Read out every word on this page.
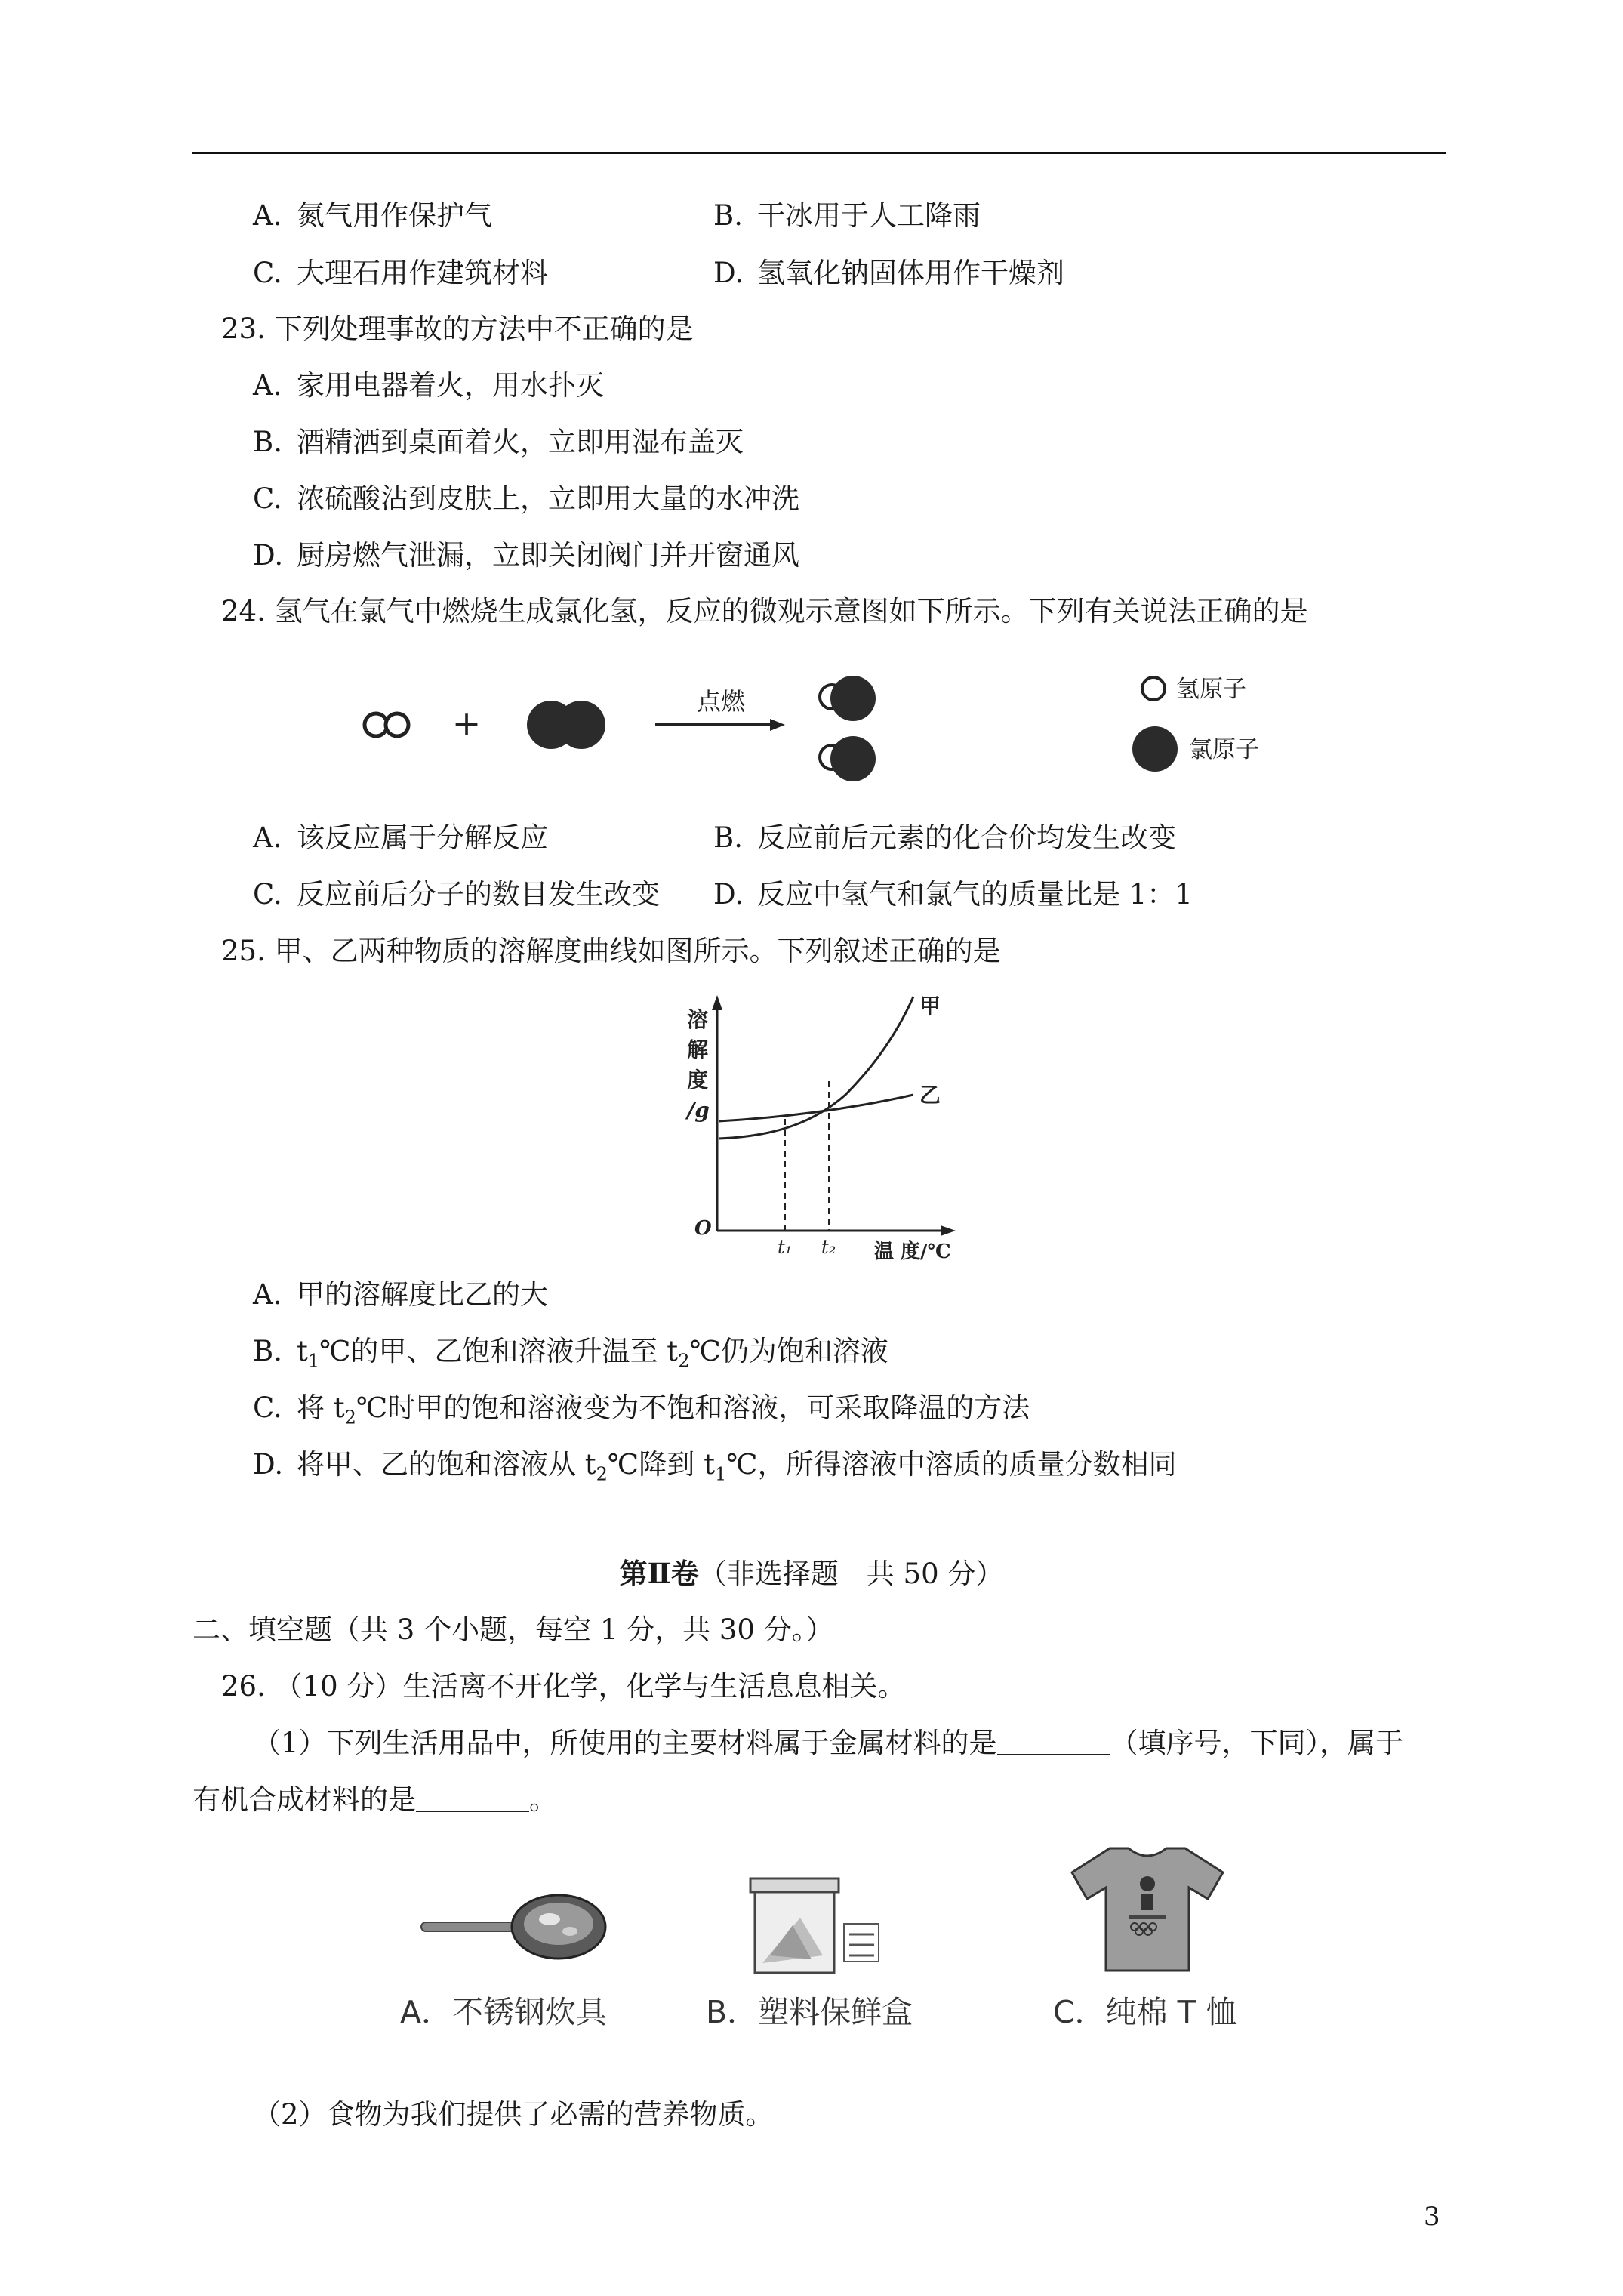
A. 氮气用作保护气	B. 干冰用于人工降雨
C. 大理石用作建筑材料	D. 氢氧化钠固体用作干燥剂
23. 下列处理事故的方法中不正确的是
A. 家用电器着火，用水扑灭
B. 酒精洒到桌面着火，立即用湿布盖灭
C. 浓硫酸沾到皮肤上，立即用大量的水冲洗
D. 厨房燃气泄漏，立即关闭阀门并开窗通风
24. 氢气在氯气中燃烧生成氯化氢，反应的微观示意图如下所示。下列有关说法正确的是
+
点燃	氢原子
氯原子
A. 该反应属于分解反应	B. 反应前后元素的化合价均发生改变
C. 反应前后分子的数目发生改变 D. 反应中氢气和氯气的质量比是 1：1
25. 甲、乙两种物质的溶解度曲线如图所示。下列叙述正确的是
溶
解
度
/g
O
乙
甲
t₁ t₂ 温 度/℃
A. 甲的溶解度比乙的大
B. $t_1℃$的甲、乙饱和溶液升温至 $t_2℃$仍为饱和溶液
C. 将 $t_2℃$时甲的饱和溶液变为不饱和溶液，可采取降温的方法
D. 将甲、乙的饱和溶液从 $t_2℃$降到 $t_1℃$，所得溶液中溶质的质量分数相同
第Ⅱ卷（非选择题　共 50 分）
二、填空题（共 3 个小题，每空 1 分，共 30 分。）
26. （10 分）生活离不开化学，化学与生活息息相关。
（1）下列生活用品中，所使用的主要材料属于金属材料的是	（填序号，下同），属于
有机合成材料的是	。
A．不锈钢炊具	B．塑料保鲜盒	C．纯棉 T 恤
（2）食物为我们提供了必需的营养物质。
3
